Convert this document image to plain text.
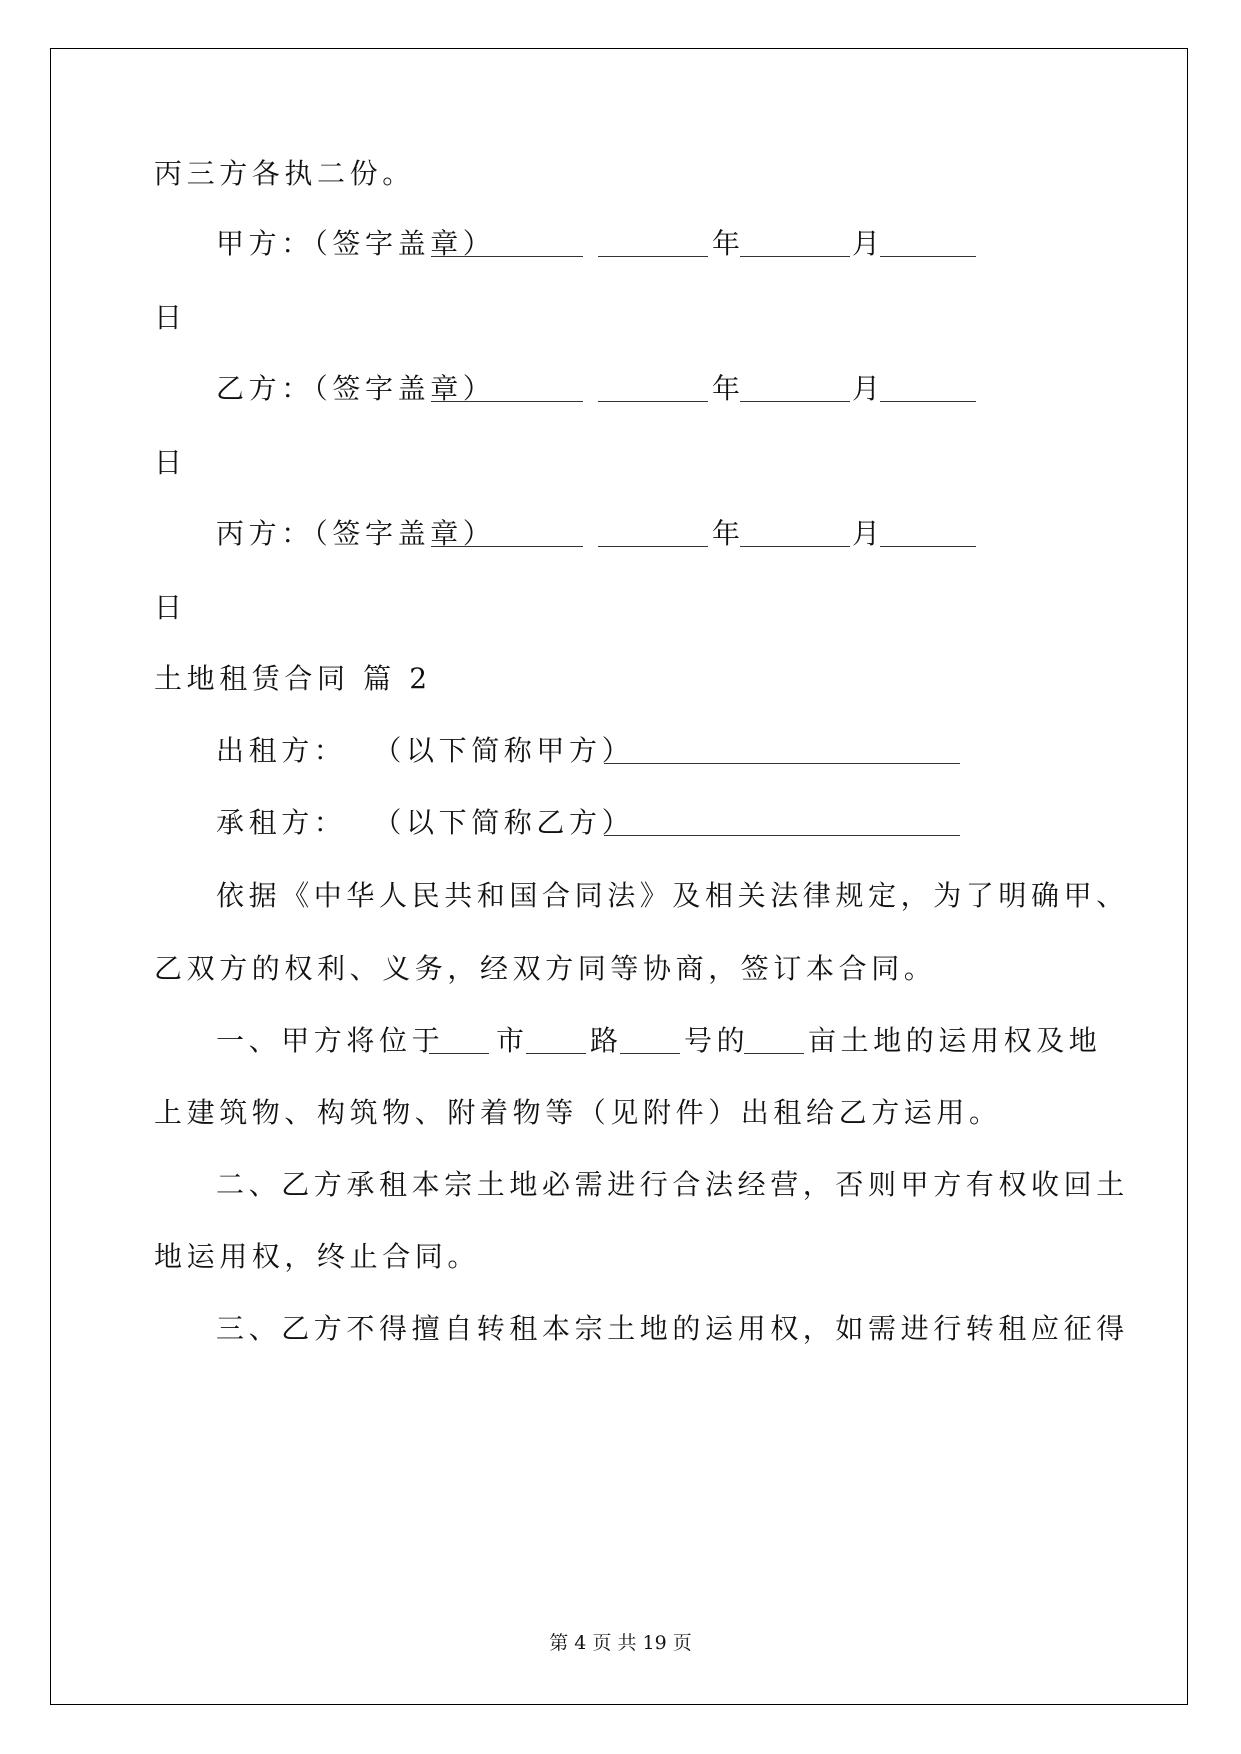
丙三方各执二份。
甲方：（签字盖章）	年	月
日
乙方：（签字盖章）	年	月
日
丙方：（签字盖章）	年	月
日
土地租赁合同 篇 2
出租方：  （以下简称甲方）
承租方：  （以下简称乙方）
依据《中华人民共和国合同法》及相关法律规定，为了明确甲、
乙双方的权利、义务，经双方同等协商，签订本合同。
一、甲方将位于 市 路 号的 亩土地的运用权及地
上建筑物、构筑物、附着物等（见附件）出租给乙方运用。
二、乙方承租本宗土地必需进行合法经营，否则甲方有权收回土
地运用权，终止合同。
三、乙方不得擅自转租本宗土地的运用权，如需进行转租应征得
第 4 页 共 19 页
